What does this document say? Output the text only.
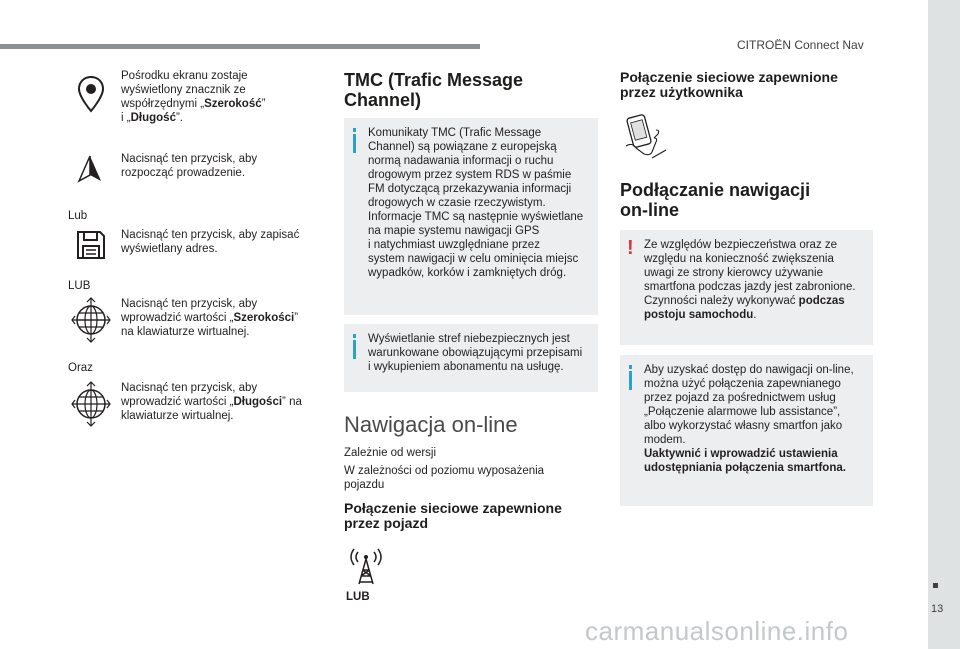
CITROËN Connect Nav
13
Pośrodku ekranu zostaje
wyświetlony znacznik ze
współrzędnymi „Szerokość”
i „Długość”.
Nacisnąć ten przycisk, aby
rozpocząć prowadzenie.
Lub
Nacisnąć ten przycisk, aby zapisać
wyświetlany adres.
LUB
Nacisnąć ten przycisk, aby
wprowadzić wartości „Szerokości”
na klawiaturze wirtualnej.
Oraz
Nacisnąć ten przycisk, aby
wprowadzić wartości „Długości” na
klawiaturze wirtualnej.
TMC (Trafic Message
Channel)
Komunikaty TMC (Trafic Message
Channel) są powiązane z europejską
normą nadawania informacji o ruchu
drogowym przez system RDS w paśmie
FM dotyczącą przekazywania informacji
drogowych w czasie rzeczywistym.
Informacje TMC są następnie wyświetlane
na mapie systemu nawigacji GPS
i natychmiast uwzględniane przez
system nawigacji w celu ominięcia miejsc
wypadków, korków i zamkniętych dróg.
Wyświetlanie stref niebezpiecznych jest
warunkowane obowiązującymi przepisami
i wykupieniem abonamentu na usługę.
Nawigacja on-line
Zależnie od wersji
W zależności od poziomu wyposażenia
pojazdu
Połączenie sieciowe zapewnione
przez pojazd
LUB
Połączenie sieciowe zapewnione
przez użytkownika
Podłączanie nawigacji
on-line
! Ze względów bezpieczeństwa oraz ze
względu na konieczność zwiększenia
uwagi ze strony kierowcy używanie
smartfona podczas jazdy jest zabronione.
Czynności należy wykonywać podczas
postoju samochodu.
Aby uzyskać dostęp do nawigacji on-line,
można użyć połączenia zapewnianego
przez pojazd za pośrednictwem usług
„Połączenie alarmowe lub assistance”,
albo wykorzystać własny smartfon jako
modem.
Uaktywnić i wprowadzić ustawienia
udostępniania połączenia smartfona.
carmanualsonline.info
